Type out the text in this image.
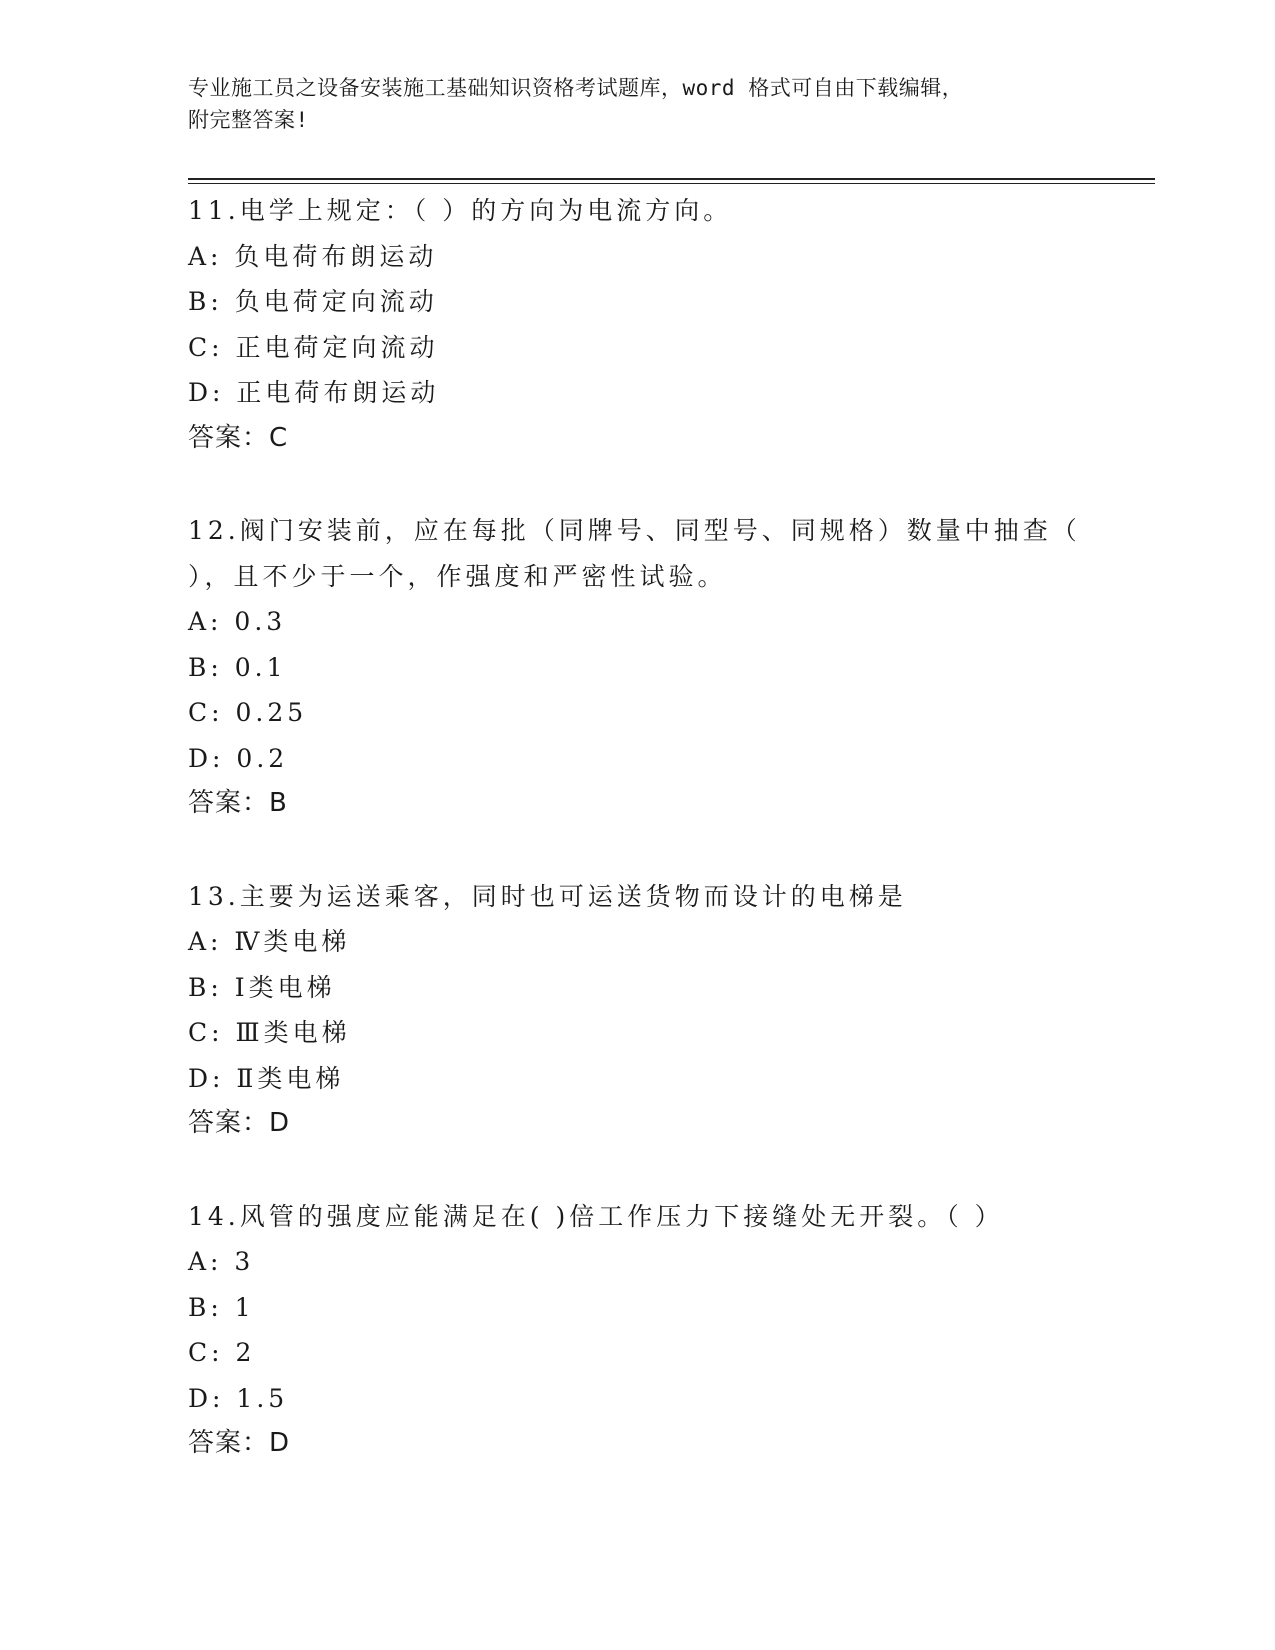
专业施工员之设备安装施工基础知识资格考试题库，word 格式可自由下载编辑，
附完整答案!
11.电学上规定：（ ）的方向为电流方向。
A: 负电荷布朗运动
B: 负电荷定向流动
C: 正电荷定向流动
D: 正电荷布朗运动
答案：C
12.阀门安装前，应在每批（同牌号、同型号、同规格）数量中抽查（
），且不少于一个，作强度和严密性试验。
A: 0.3
B: 0.1
C: 0.25
D: 0.2
答案：B
13.主要为运送乘客，同时也可运送货物而设计的电梯是
A: Ⅳ类电梯
B: Ⅰ类电梯
C: Ⅲ类电梯
D: Ⅱ类电梯
答案：D
14.风管的强度应能满足在( )倍工作压力下接缝处无开裂。（ ）
A: 3
B: 1
C: 2
D: 1.5
答案：D
